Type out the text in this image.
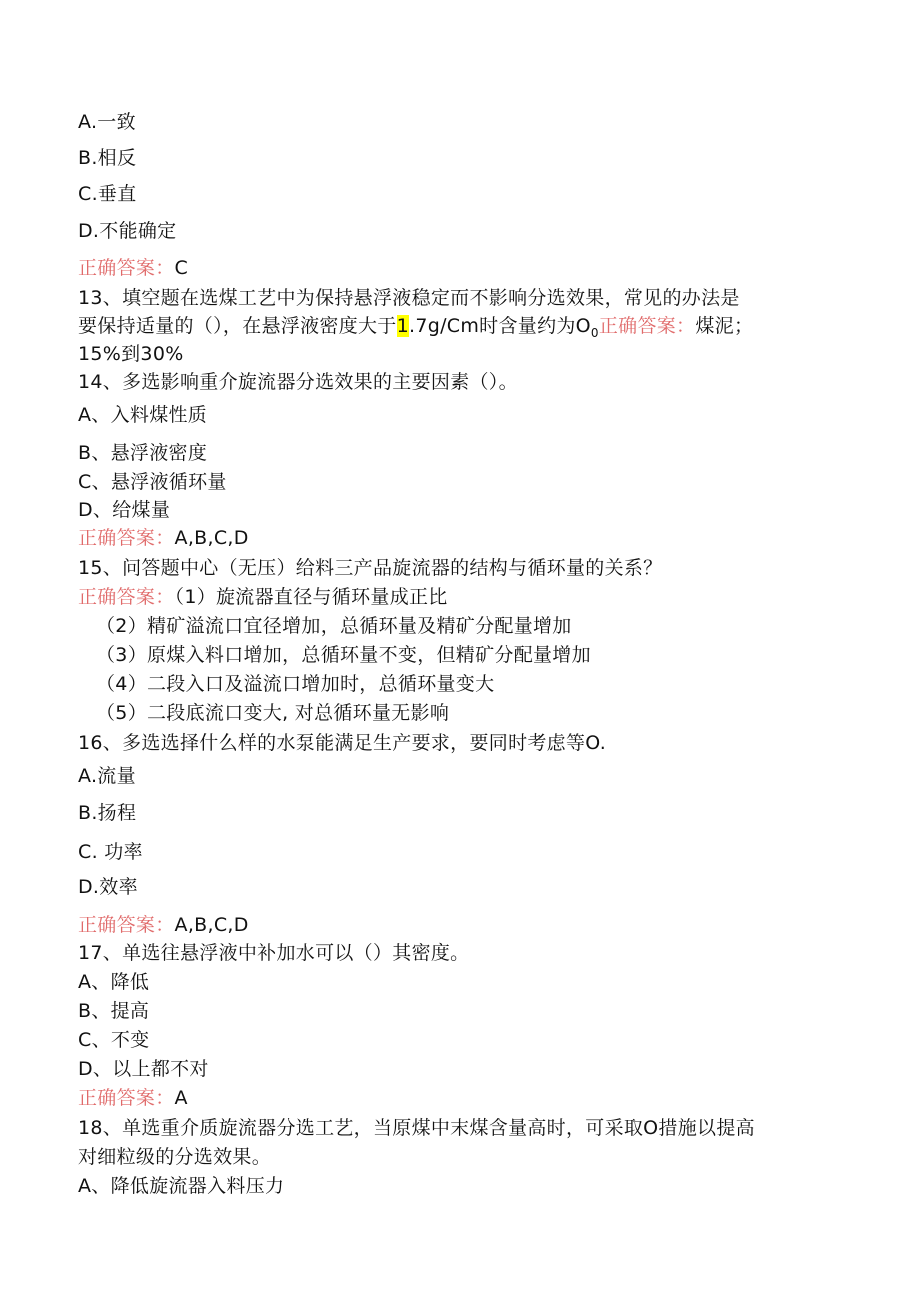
A.一致
B.相反
C.垂直
D.不能确定
正确答案：C
13、填空题在选煤工艺中为保持悬浮液稳定而不影响分选效果，常见的办法是
要保持适量的（），在悬浮液密度大于1.7g∕Cm时含量约为$O_0$正确答案：煤泥；
15%到30%
14、多选影响重介旋流器分选效果的主要因素（）。
A、入料煤性质
B、悬浮液密度
C、悬浮液循环量
D、给煤量
正确答案：A,B,C,D
15、问答题中心（无压）给料三产品旋流器的结构与循环量的关系？
正确答案：（1）旋流器直径与循环量成正比
（2）精矿溢流口宜径增加，总循环量及精矿分配量增加
（3）原煤入料口增加，总循环量不变，但精矿分配量增加
（4）二段入口及溢流口增加时，总循环量变大
（5）二段底流口变大, 对总循环量无影响
16、多选选择什么样的水泵能满足生产要求，要同时考虑等O.
A.流量
B.扬程
C. 功率
D.效率
正确答案：A,B,C,D
17、单选往悬浮液中补加水可以（）其密度。
A、降低
B、提高
C、不变
D、以上都不对
正确答案：A
18、单选重介质旋流器分选工艺，当原煤中末煤含量高时，可采取O措施以提高
对细粒级的分选效果。
A、降低旋流器入料压力
